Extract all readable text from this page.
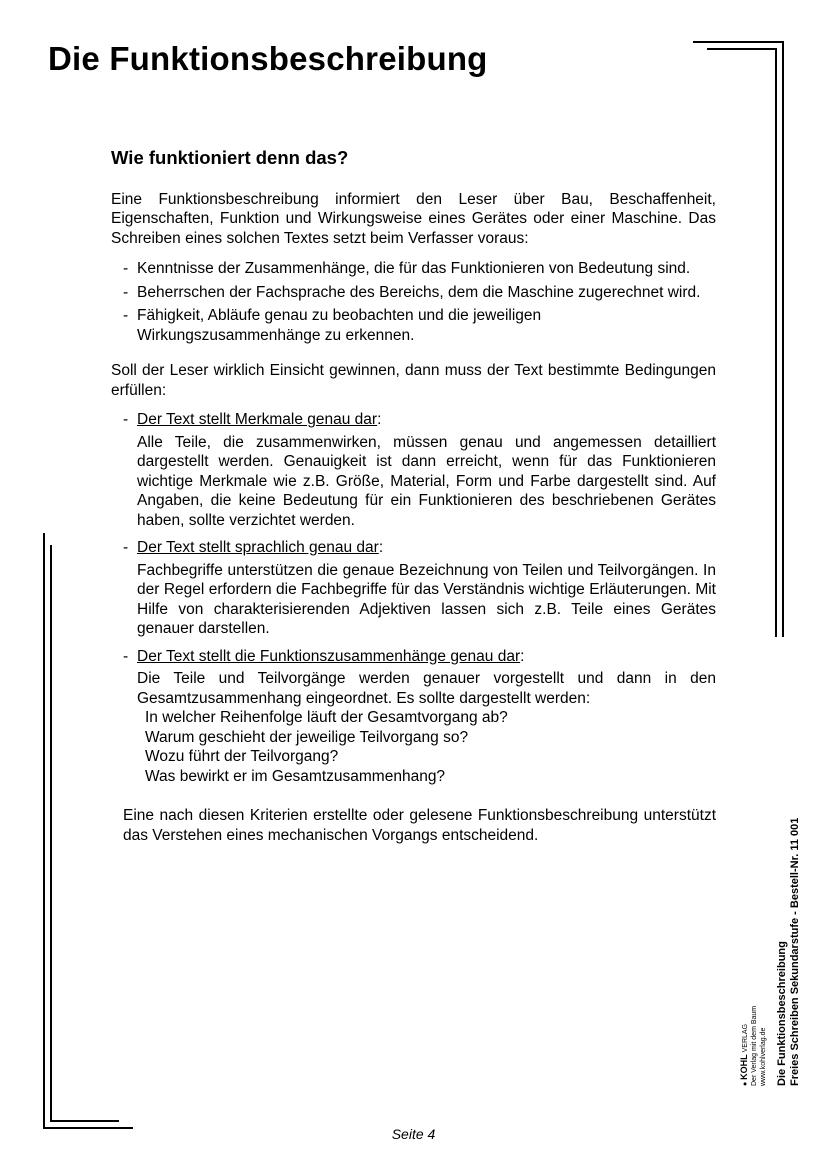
Die Funktionsbeschreibung
Wie funktioniert denn das?

Eine Funktionsbeschreibung informiert den Leser über Bau, Beschaffenheit, Eigenschaften, Funktion und Wirkungsweise eines Gerätes oder einer Maschine. Das Schreiben eines solchen Textes setzt beim Verfasser voraus:

- Kenntnisse der Zusammenhänge, die für das Funktionieren von Bedeutung sind.
- Beherrschen der Fachsprache des Bereichs, dem die Maschine zugerechnet wird.
- Fähigkeit, Abläufe genau zu beobachten und die jeweiligen Wirkungszusammenhänge zu erkennen.

Soll der Leser wirklich Einsicht gewinnen, dann muss der Text bestimmte Bedingungen erfüllen:

- Der Text stellt Merkmale genau dar:
Alle Teile, die zusammenwirken, müssen genau und angemessen detailliert dargestellt werden. Genauigkeit ist dann erreicht, wenn für das Funktionieren wichtige Merkmale wie z.B. Größe, Material, Form und Farbe dargestellt sind. Auf Angaben, die keine Bedeutung für ein Funktionieren des beschriebenen Gerätes haben, sollte verzichtet werden.
- Der Text stellt sprachlich genau dar:
Fachbegriffe unterstützen die genaue Bezeichnung von Teilen und Teilvorgängen. In der Regel erfordern die Fachbegriffe für das Verständnis wichtige Erläuterungen. Mit Hilfe von charakterisierenden Adjektiven lassen sich z.B. Teile eines Gerätes genauer darstellen.
- Der Text stellt die Funktionszusammenhänge genau dar:
Die Teile und Teilvorgänge werden genauer vorgestellt und dann in den Gesamtzusammenhang eingeordnet. Es sollte dargestellt werden:
In welcher Reihenfolge läuft der Gesamtvorgang ab?
Warum geschieht der jeweilige Teilvorgang so?
Wozu führt der Teilvorgang?
Was bewirkt er im Gesamtzusammenhang?

Eine nach diesen Kriterien erstellte oder gelesene Funktionsbeschreibung unterstützt das Verstehen eines mechanischen Vorgangs entscheidend.

Die Funktionsbeschreibung Freies Schreiben Sekundarstufe - Bestell-Nr. 11 001
● KOHL VERLAG Der Verlag mit dem Baum www.kohlverlag.de
Seite 4
